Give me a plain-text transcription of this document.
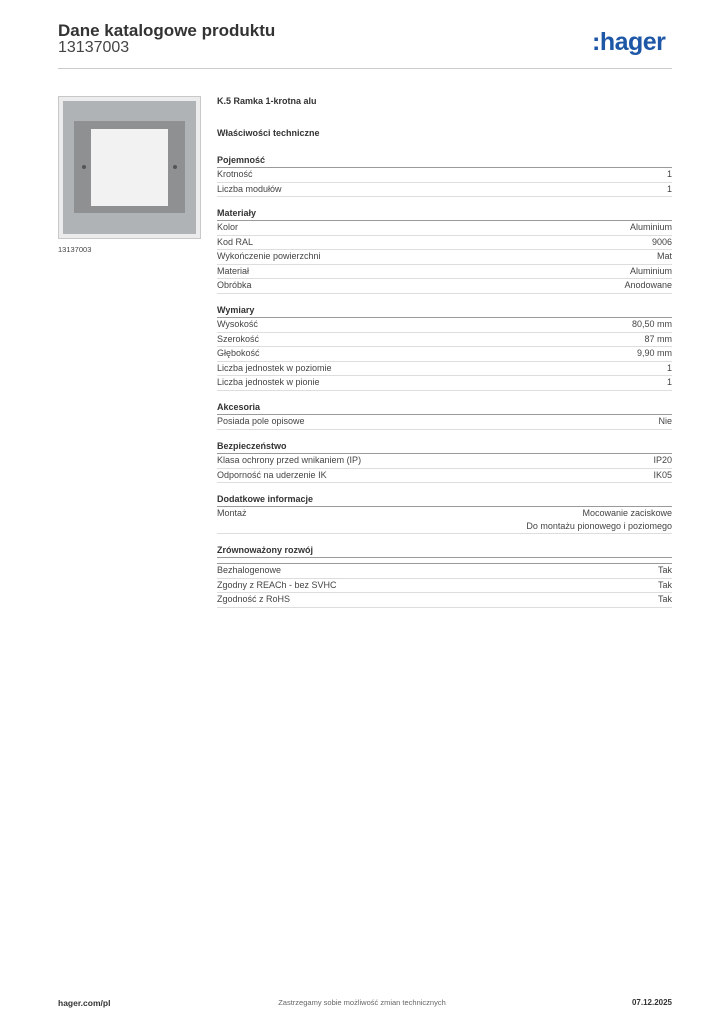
Dane katalogowe produktu
13137003	:hager
13137003
K.5 Ramka 1-krotna alu
Właściwości techniczne
Pojemność
Krotność	1
Liczba modułów	1
Materiały
Kolor	Aluminium
Kod RAL	9006
Wykończenie powierzchni	Mat
Materiał	Aluminium
Obróbka	Anodowane
Wymiary
Wysokość	80,50 mm
Szerokość	87 mm
Głębokość	9,90 mm
Liczba jednostek w poziomie	1
Liczba jednostek w pionie	1
Akcesoria
Posiada pole opisowe	Nie
Bezpieczeństwo
Klasa ochrony przed wnikaniem (IP)	IP20
Odporność na uderzenie IK	IK05
Dodatkowe informacje
Montaż	Mocowanie zaciskowe
Do montażu pionowego i poziomego
Zrównoważony rozwój
Bezhalogenowe	Tak
Zgodny z REACh - bez SVHC	Tak
Zgodność z RoHS	Tak
hager.com/pl	Zastrzegamy sobie możliwość zmian technicznych	07.12.2025
